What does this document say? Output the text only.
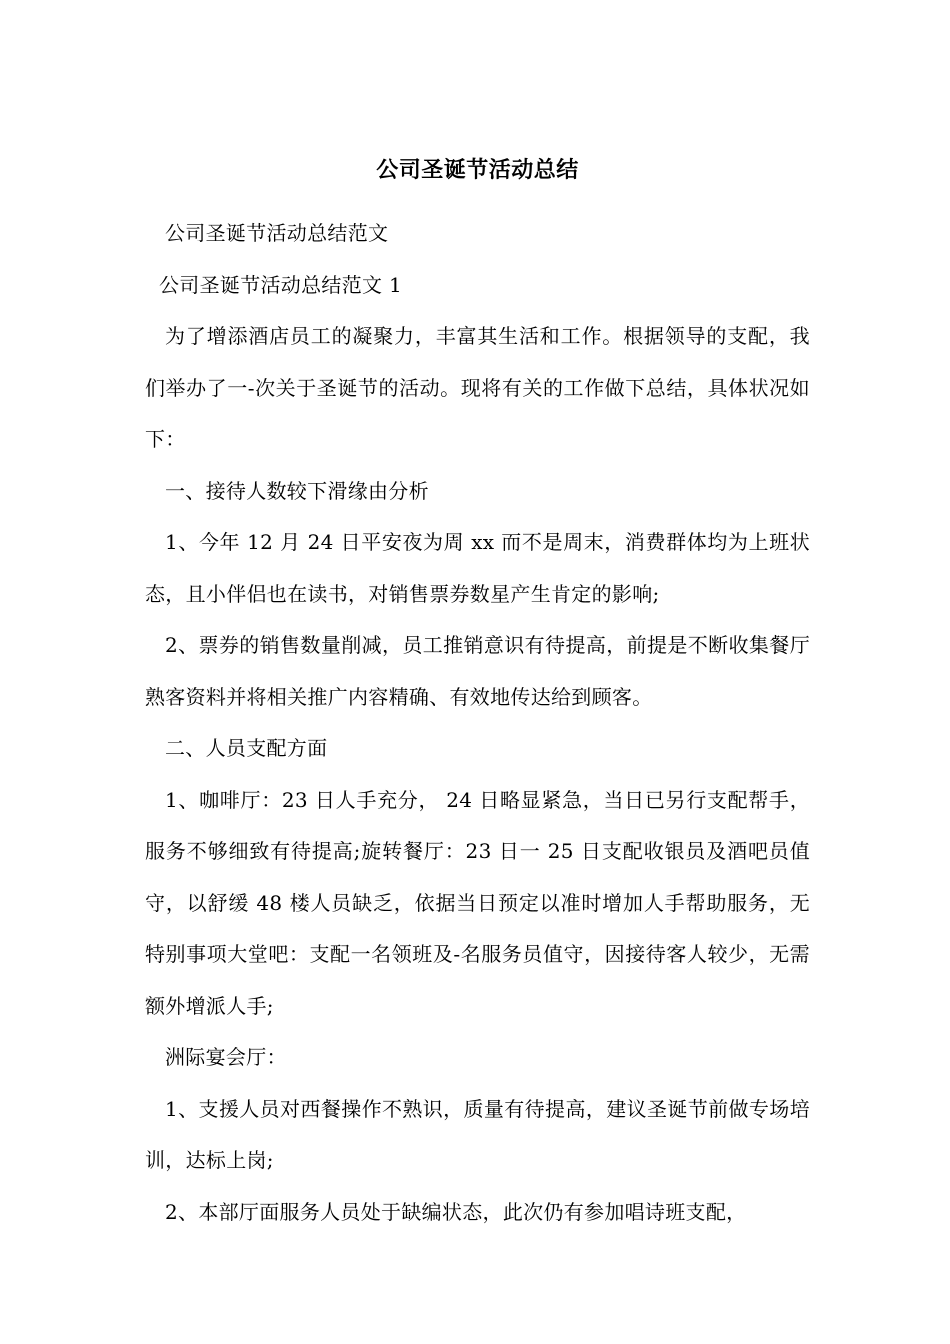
公司圣诞节活动总结

公司圣诞节活动总结范文

公司圣诞节活动总结范文 1

为了增添酒店员工的凝聚力，丰富其生活和工作。根据领导的支配，我们举办了一-次关于圣诞节的活动。现将有关的工作做下总结，具体状况如下：

一、接待人数较下滑缘由分析

1、今年 12 月 24 日平安夜为周 xx 而不是周末，消费群体均为上班状态，且小伴侣也在读书，对销售票券数星产生肯定的影响;

2、票券的销售数量削减，员工推销意识有待提高，前提是不断收集餐厅熟客资料并将相关推广内容精确、有效地传达给到顾客。

二、人员支配方面

1、咖啡厅：23 日人手充分， 24 日略显紧急，当日已另行支配帮手，服务不够细致有待提高;旋转餐厅：23 日一 25 日支配收银员及酒吧员值守，以舒缓 48 楼人员缺乏，依据当日预定以准时增加人手帮助服务，无特别事项大堂吧：支配一名领班及-名服务员值守，因接待客人较少，无需额外增派人手;

洲际宴会厅：

1、支援人员对西餐操作不熟识，质量有待提高，建议圣诞节前做专场培训，达标上岗;

2、本部厅面服务人员处于缺编状态，此次仍有参加唱诗班支配，
